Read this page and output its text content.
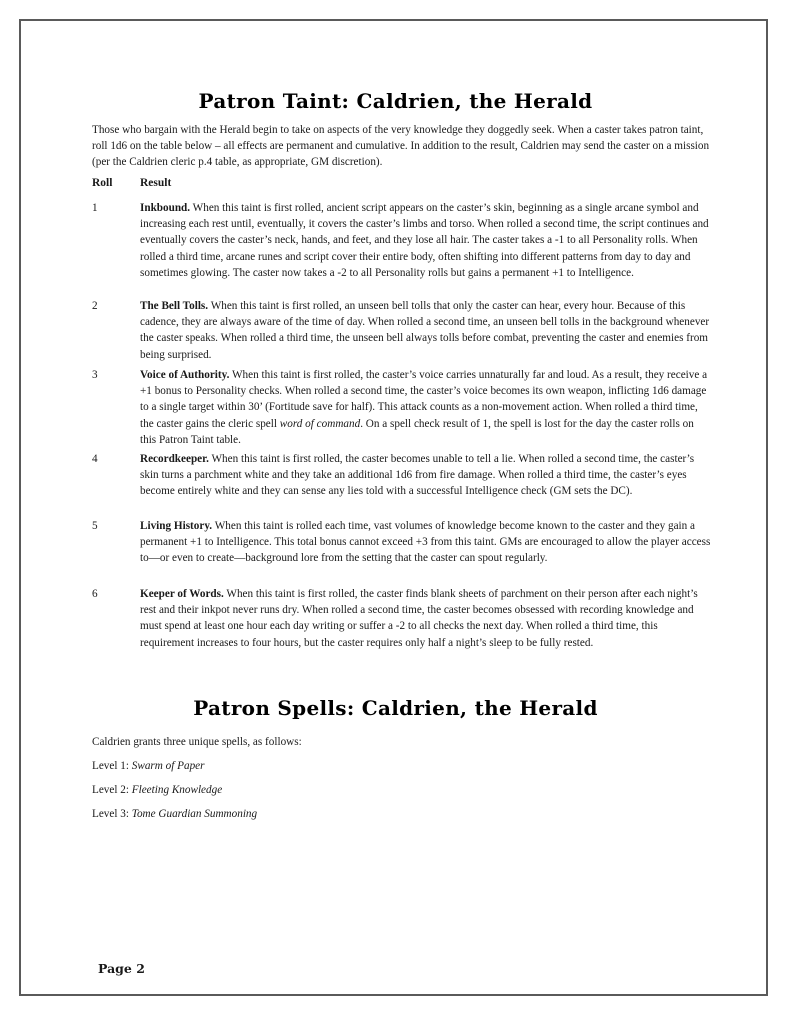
Patron Taint: Caldrien, the Herald

Those who bargain with the Herald begin to take on aspects of the very knowledge they doggedly seek. When a caster takes patron taint, roll 1d6 on the table below – all effects are permanent and cumulative. In addition to the result, Caldrien may send the caster on a mission (per the Caldrien cleric p.4 table, as appropriate, GM discretion).

Roll Result
1	Inkbound. When this taint is first rolled, ancient script appears on the caster’s skin, beginning as a single arcane symbol and increasing each rest until, eventually, it covers the caster’s limbs and torso. When rolled a second time, the script continues and eventually covers the caster’s neck, hands, and feet, and they lose all hair. The caster takes a -1 to all Personality rolls. When rolled a third time, arcane runes and script cover their entire body, often shifting into different patterns from day to day and sometimes glowing. The caster now takes a -2 to all Personality rolls but gains a permanent +1 to Intelligence.

2	The Bell Tolls. When this taint is first rolled, an unseen bell tolls that only the caster can hear, every hour. Because of this cadence, they are always aware of the time of day. When rolled a second time, an unseen bell tolls in the background whenever the caster speaks. When rolled a third time, the unseen bell always tolls before combat, preventing the caster and enemies from being surprised.

3	Voice of Authority. When this taint is first rolled, the caster’s voice carries unnaturally far and loud. As a result, they receive a +1 bonus to Personality checks. When rolled a second time, the caster’s voice becomes its own weapon, inflicting 1d6 damage to a single target within 30’ (Fortitude save for half). This attack counts as a non-movement action. When rolled a third time, the caster gains the cleric spell word of command. On a spell check result of 1, the spell is lost for the day the caster rolls on this Patron Taint table.

4	Recordkeeper. When this taint is first rolled, the caster becomes unable to tell a lie. When rolled a second time, the caster’s skin turns a parchment white and they take an additional 1d6 from fire damage. When rolled a third time, the caster’s eyes become entirely white and they can sense any lies told with a successful Intelligence check (GM sets the DC).

5	Living History. When this taint is rolled each time, vast volumes of knowledge become known to the caster and they gain a permanent +1 to Intelligence. This total bonus cannot exceed +3 from this taint. GMs are encouraged to allow the player access to—or even to create—background lore from the setting that the caster can spout regularly.

6	Keeper of Words. When this taint is first rolled, the caster finds blank sheets of parchment on their person after each night’s rest and their inkpot never runs dry. When rolled a second time, the caster becomes obsessed with recording knowledge and must spend at least one hour each day writing or suffer a -2 to all checks the next day. When rolled a third time, this requirement increases to four hours, but the caster requires only half a night’s sleep to be fully rested.

Patron Spells: Caldrien, the Herald

Caldrien grants three unique spells, as follows:

Level 1: Swarm of Paper

Level 2: Fleeting Knowledge

Level 3: Tome Guardian Summoning

Page 2
